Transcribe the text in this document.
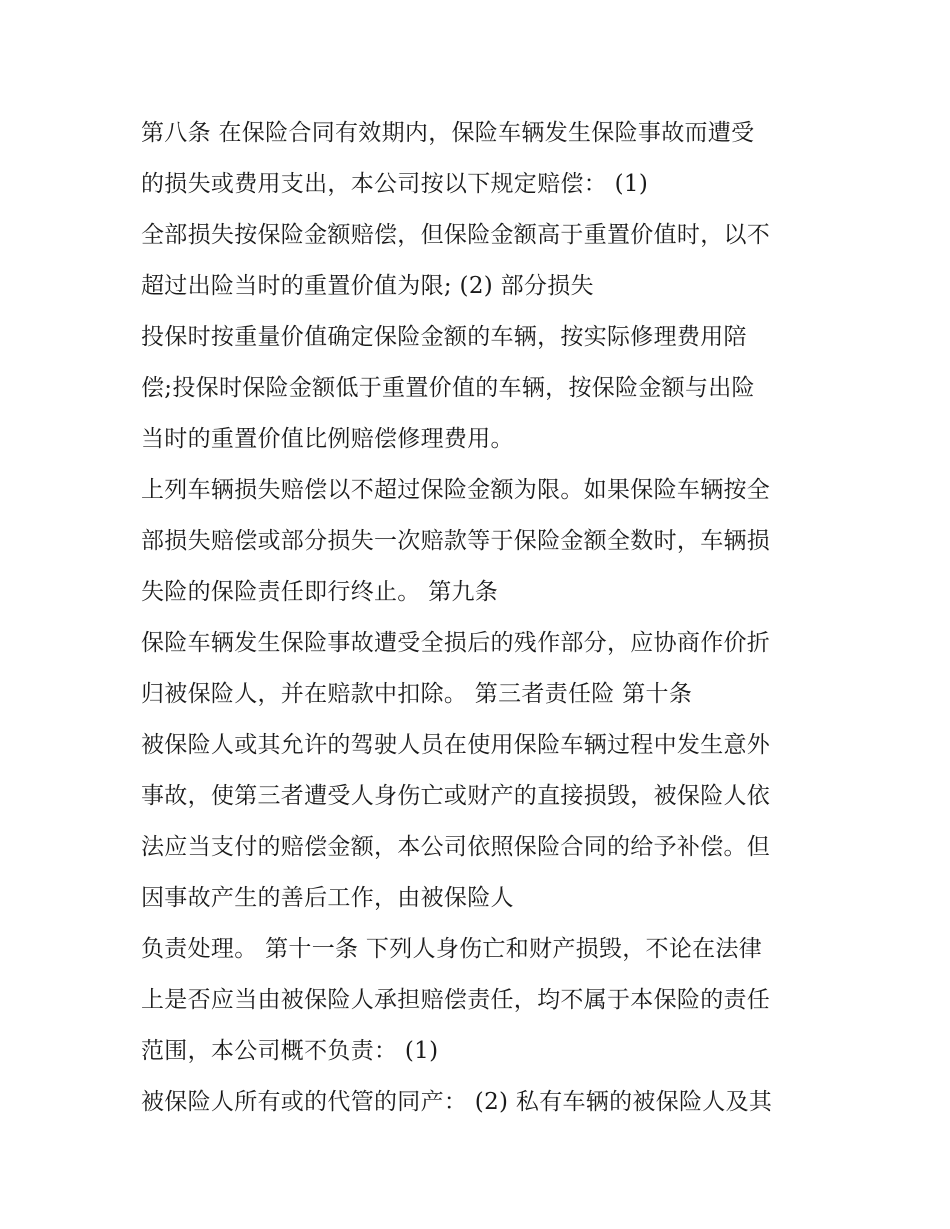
第八条 在保险合同有效期内，保险车辆发生保险事故而遭受
的损失或费用支出，本公司按以下规定赔偿： (1)
全部损失按保险金额赔偿，但保险金额高于重置价值时，以不
超过出险当时的重置价值为限; (2) 部分损失
投保时按重量价值确定保险金额的车辆，按实际修理费用陪
偿;投保时保险金额低于重置价值的车辆，按保险金额与出险
当时的重置价值比例赔偿修理费用。
上列车辆损失赔偿以不超过保险金额为限。如果保险车辆按全
部损失赔偿或部分损失一次赔款等于保险金额全数时，车辆损
失险的保险责任即行终止。 第九条
保险车辆发生保险事故遭受全损后的残作部分，应协商作价折
归被保险人，并在赔款中扣除。 第三者责任险 第十条
被保险人或其允许的驾驶人员在使用保险车辆过程中发生意外
事故，使第三者遭受人身伤亡或财产的直接损毁，被保险人依
法应当支付的赔偿金额，本公司依照保险合同的给予补偿。但
因事故产生的善后工作，由被保险人
负责处理。 第十一条 下列人身伤亡和财产损毁，不论在法律
上是否应当由被保险人承担赔偿责任，均不属于本保险的责任
范围，本公司概不负责： (1)
被保险人所有或的代管的同产： (2) 私有车辆的被保险人及其
